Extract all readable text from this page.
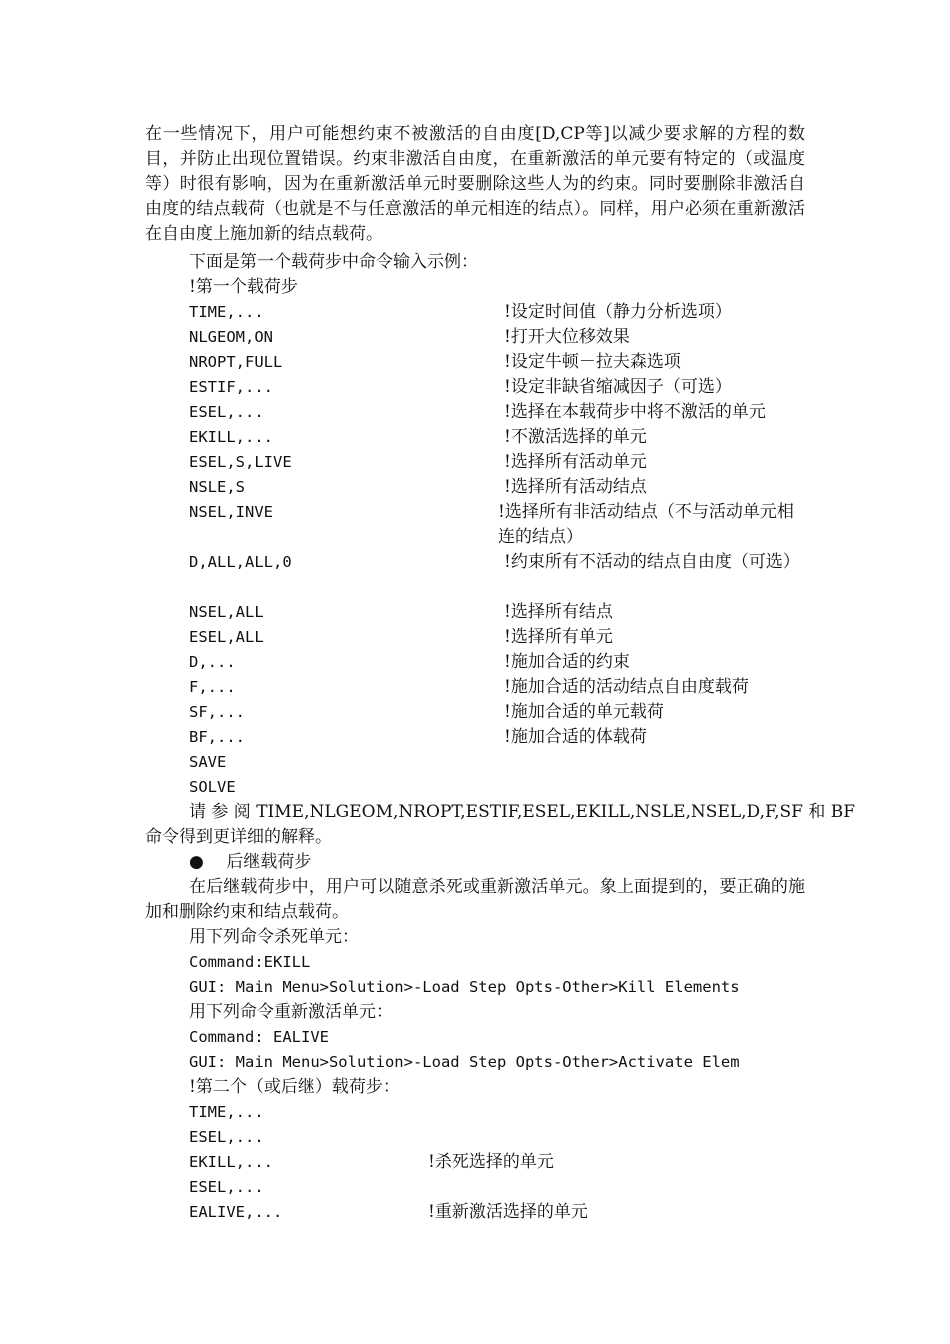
在一些情况下，用户可能想约束不被激活的自由度[D,CP等]以减少要求解的方程的数目，并防止出现位置错误。约束非激活自由度，在重新激活的单元要有特定的（或温度等）时很有影响，因为在重新激活单元时要删除这些人为的约束。同时要删除非激活自由度的结点载荷（也就是不与任意激活的单元相连的结点）。同样，用户必须在重新激活在自由度上施加新的结点载荷。

下面是第一个载荷步中命令输入示例：
!第一个载荷步
TIME,...	!设定时间值（静力分析选项）
NLGEOM,ON	!打开大位移效果
NROPT,FULL	!设定牛顿－拉夫森选项
ESTIF,...	!设定非缺省缩减因子（可选）
ESEL,...	!选择在本载荷步中将不激活的单元
EKILL,...	!不激活选择的单元
ESEL,S,LIVE	!选择所有活动单元
NSLE,S	!选择所有活动结点
NSEL,INVE	!选择所有非活动结点（不与活动单元相连的结点）
D,ALL,ALL,0	!约束所有不活动的结点自由度（可选）
NSEL,ALL	!选择所有结点
ESEL,ALL	!选择所有单元
D,...	!施加合适的约束
F,...	!施加合适的活动结点自由度载荷
SF,...	!施加合适的单元载荷
BF,...	!施加合适的体载荷
SAVE
SOLVE
请 参 阅 TIME,NLGEOM,NROPT,ESTIF,ESEL,EKILL,NSLE,NSEL,D,F,SF 和 BF
命令得到更详细的解释。
● 后继载荷步

在后继载荷步中，用户可以随意杀死或重新激活单元。象上面提到的，要正确的施加和删除约束和结点载荷。

用下列命令杀死单元：
Command:EKILL
GUI: Main Menu>Solution>-Load Step Opts-Other>Kill Elements
用下列命令重新激活单元：
Command: EALIVE
GUI: Main Menu>Solution>-Load Step Opts-Other>Activate Elem
!第二个（或后继）载荷步：
TIME,...
ESEL,...
EKILL,...	!杀死选择的单元
ESEL,...
EALIVE,...	!重新激活选择的单元
